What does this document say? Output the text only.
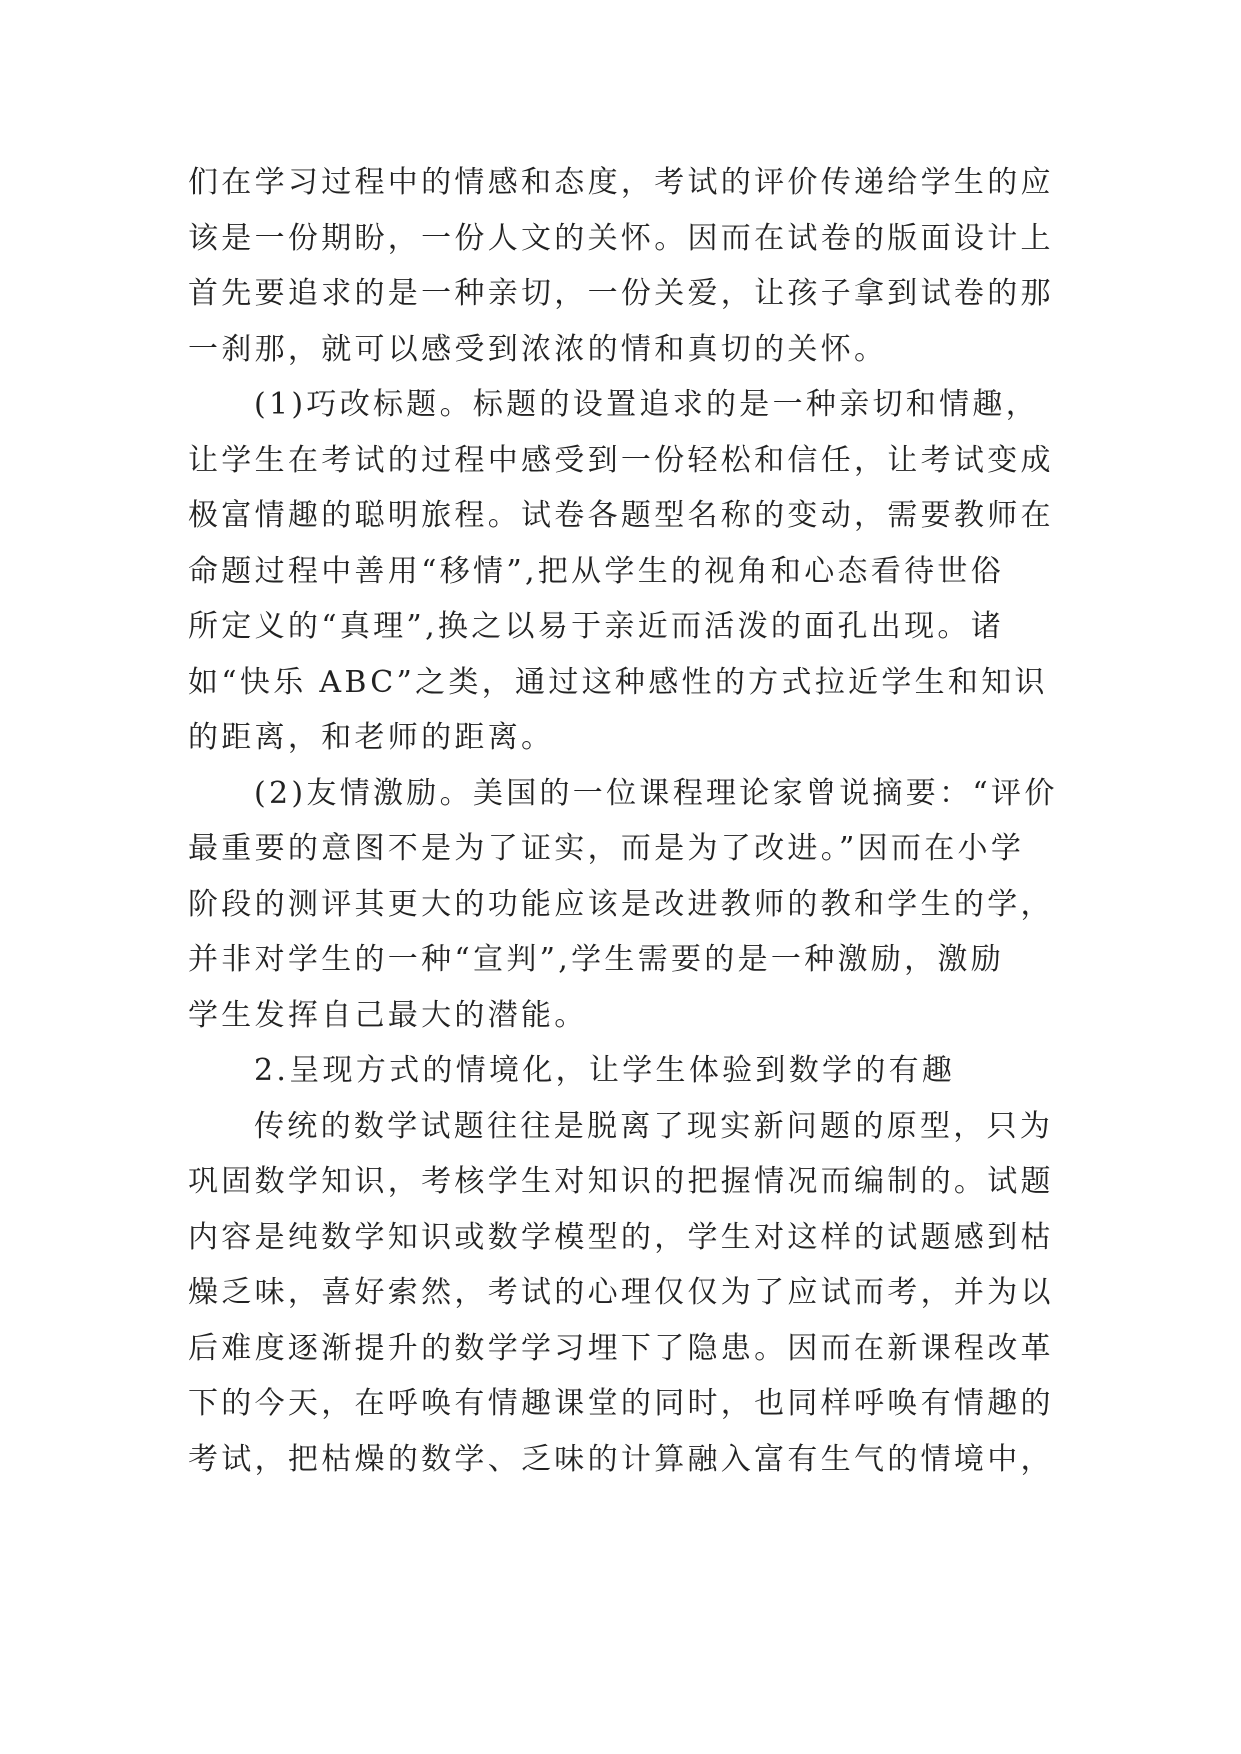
们在学习过程中的情感和态度，考试的评价传递给学生的应
该是一份期盼，一份人文的关怀。因而在试卷的版面设计上
首先要追求的是一种亲切，一份关爱，让孩子拿到试卷的那
一刹那，就可以感受到浓浓的情和真切的关怀。
(1)巧改标题。标题的设置追求的是一种亲切和情趣，
让学生在考试的过程中感受到一份轻松和信任，让考试变成
极富情趣的聪明旅程。试卷各题型名称的变动，需要教师在
命题过程中善用“移情”,把从学生的视角和心态看待世俗
所定义的“真理”,换之以易于亲近而活泼的面孔出现。诸
如“快乐 ABC”之类，通过这种感性的方式拉近学生和知识
的距离，和老师的距离。
(2)友情激励。美国的一位课程理论家曾说摘要：“评价
最重要的意图不是为了证实，而是为了改进。”因而在小学
阶段的测评其更大的功能应该是改进教师的教和学生的学，
并非对学生的一种“宣判”,学生需要的是一种激励，激励
学生发挥自己最大的潜能。
2.呈现方式的情境化，让学生体验到数学的有趣
传统的数学试题往往是脱离了现实新问题的原型，只为
巩固数学知识，考核学生对知识的把握情况而编制的。试题
内容是纯数学知识或数学模型的，学生对这样的试题感到枯
燥乏味，喜好索然，考试的心理仅仅为了应试而考，并为以
后难度逐渐提升的数学学习埋下了隐患。因而在新课程改革
下的今天，在呼唤有情趣课堂的同时，也同样呼唤有情趣的
考试，把枯燥的数学、乏味的计算融入富有生气的情境中，
